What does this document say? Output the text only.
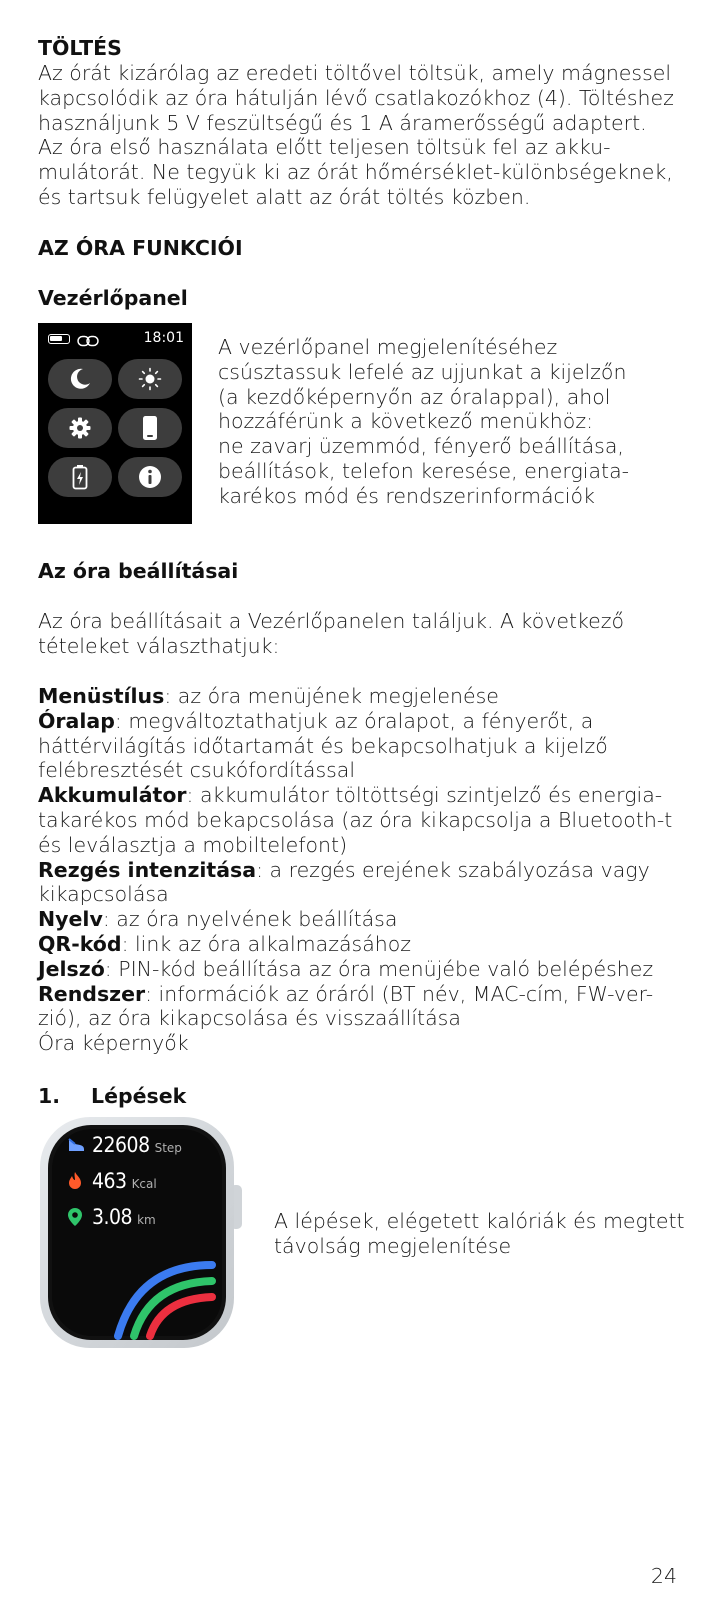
TÖLTÉS
Az órát kizárólag az eredeti töltővel töltsük, amely mágnessel
kapcsolódik az óra hátulján lévő csatlakozókhoz (4). Töltéshez
használjunk 5 V feszültségű és 1 A áramerősségű adaptert.
Az óra első használata előtt teljesen töltsük fel az akku-
mulátorát. Ne tegyük ki az órát hőmérséklet-különbségeknek,
és tartsuk felügyelet alatt az órát töltés közben.
AZ ÓRA FUNKCIÓI
Vezérlőpanel
18:01 A vezérlőpanel megjelenítéséhez
csúsztassuk lefelé az ujjunkat a kijelzőn
(a kezdőképernyőn az óralappal), ahol
hozzáférünk a következő menükhöz:
ne zavarj üzemmód, fényerő beállítása,
beállítások, telefon keresése, energiata-
karékos mód és rendszerinformációk
Az óra beállításai
Az óra beállításait a Vezérlőpanelen találjuk. A következő
tételeket választhatjuk:
Menüstílus: az óra menüjének megjelenése
Óralap: megváltoztathatjuk az óralapot, a fényerőt, a
háttérvilágítás időtartamát és bekapcsolhatjuk a kijelző
felébresztését csukófordítással
Akkumulátor: akkumulátor töltöttségi szintjelző és energia-
takarékos mód bekapcsolása (az óra kikapcsolja a Bluetooth-t
és leválasztja a mobiltelefont)
Rezgés intenzitása: a rezgés erejének szabályozása vagy
kikapcsolása
Nyelv: az óra nyelvének beállítása
QR-kód: link az óra alkalmazásához
Jelszó: PIN-kód beállítása az óra menüjébe való belépéshez
Rendszer: információk az óráról (BT név, MAC-cím, FW-ver-
zió), az óra kikapcsolása és visszaállítása
Óra képernyők
1. Lépések
22608 Step
463 Kcal
3.08 km	A lépések, elégetett kalóriák és megtett
távolság megjelenítése
24
